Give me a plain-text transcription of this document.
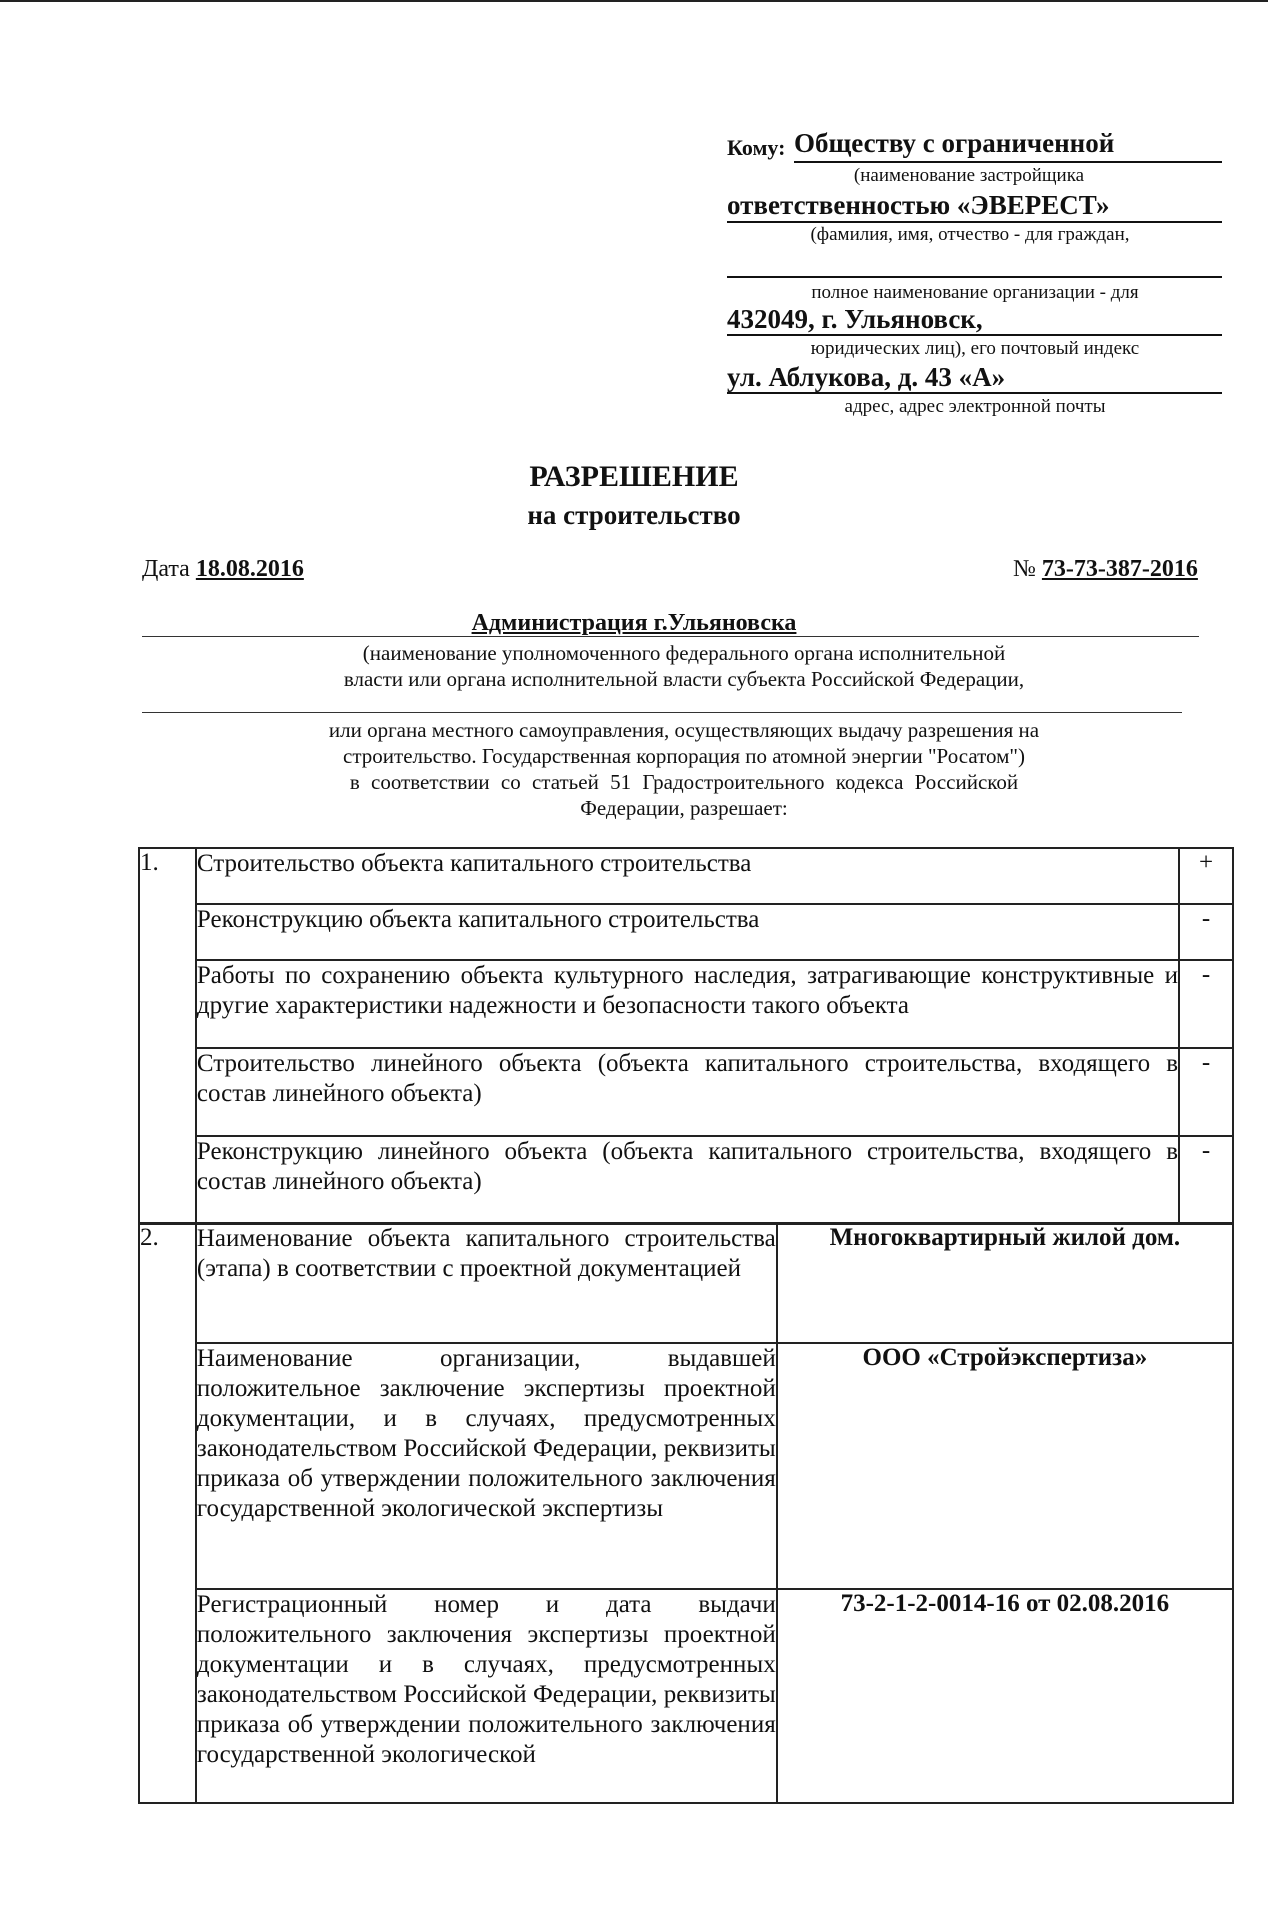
Кому: Обществу с ограниченной
(наименование застройщика
ответственностью «ЭВЕРЕСТ»
(фамилия, имя, отчество - для граждан,
полное наименование организации - для
432049, г. Ульяновск,
юридических лиц), его почтовый индекс
ул. Аблукова, д. 43 «А»
адрес, адрес электронной почты
РАЗРЕШЕНИЕ
на строительство
Дата 18.08.2016	№ 73-73-387-2016
Администрация г.Ульяновска
(наименование уполномоченного федерального органа исполнительной
власти или органа исполнительной власти субъекта Российской Федерации,
или органа местного самоуправления, осуществляющих выдачу разрешения на
строительство. Государственная корпорация по атомной энергии "Росатом")
в соответствии со статьей 51 Градостроительного кодекса Российской
Федерации, разрешает:
1.	Строительство объекта капитального строительства	+
	Реконструкцию объекта капитального строительства	-
	Работы по сохранению объекта культурного наследия, затрагивающие конструктивные и другие характеристики надежности и безопасности такого объекта	-
	Строительство линейного объекта (объекта капитального строительства, входящего в состав линейного объекта)	-
	Реконструкцию линейного объекта (объекта капитального строительства, входящего в состав линейного объекта)	-
2.	Наименование объекта капитального строительства (этапа) в соответствии с проектной документацией	Многоквартирный жилой дом.
	Наименование организации, выдавшей положительное заключение экспертизы проектной документации, и в случаях, предусмотренных законодательством Российской Федерации, реквизиты приказа об утверждении положительного заключения государственной экологической экспертизы	ООО «Стройэкспертиза»
	Регистрационный номер и дата выдачи положительного заключения экспертизы проектной документации и в случаях, предусмотренных законодательством Российской Федерации, реквизиты приказа об утверждении положительного заключения государственной экологической	73-2-1-2-0014-16 от 02.08.2016
